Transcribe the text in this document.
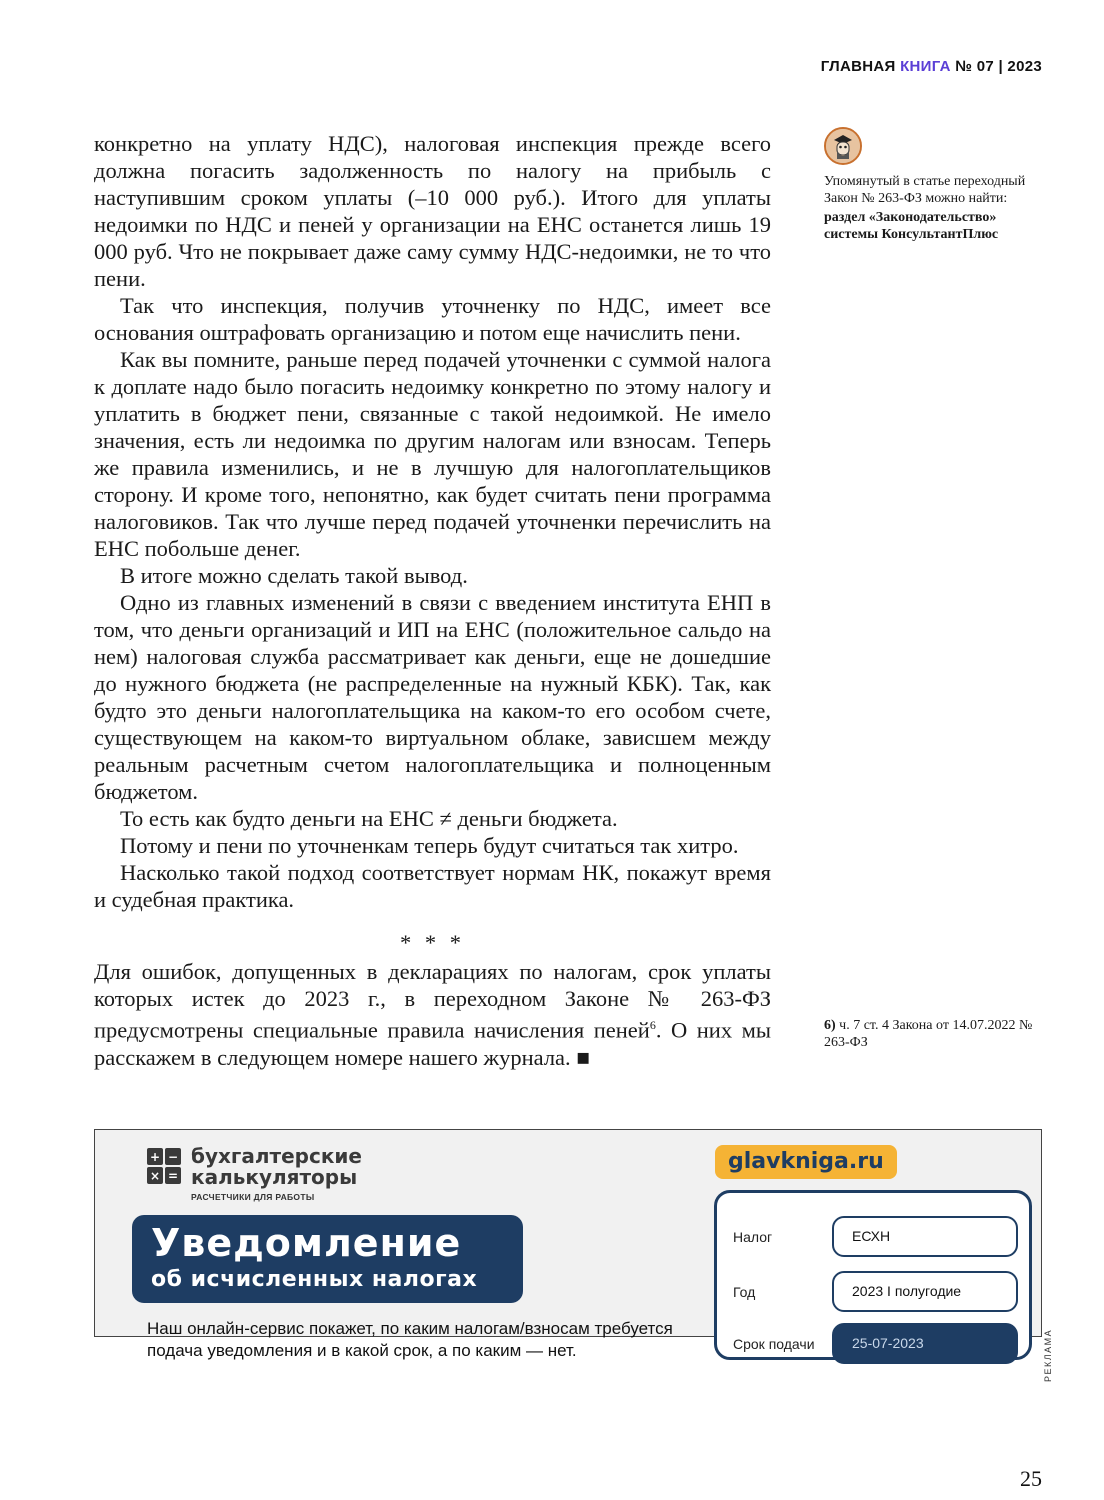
ГЛАВНАЯ КНИГА № 07 | 2023

конкретно на уплату НДС), налоговая инспекция прежде всего должна погасить задолженность по налогу на прибыль с наступившим сроком уплаты (–10 000 руб.). Итого для уплаты недоимки по НДС и пеней у организации на ЕНС останется лишь 19 000 руб. Что не покрывает даже саму сумму НДС-недоимки, не то что пени.

Так что инспекция, получив уточненку по НДС, имеет все основания оштрафовать организацию и потом еще начислить пени.

Как вы помните, раньше перед подачей уточненки с суммой налога к доплате надо было погасить недоимку конкретно по этому налогу и уплатить в бюджет пени, связанные с такой недоимкой. Не имело значения, есть ли недоимка по другим налогам или взносам. Теперь же правила изменились, и не в лучшую для налогоплательщиков сторону. И кроме того, непонятно, как будет считать пени программа налоговиков. Так что лучше перед подачей уточненки перечислить на ЕНС побольше денег.

В итоге можно сделать такой вывод.

Одно из главных изменений в связи с введением института ЕНП в том, что деньги организаций и ИП на ЕНС (положительное сальдо на нем) налоговая служба рассматривает как деньги, еще не дошедшие до нужного бюджета (не распределенные на нужный КБК). Так, как будто это деньги налогоплательщика на каком-то его особом счете, существующем на каком-то виртуальном облаке, зависшем между реальным расчетным счетом налогоплательщика и полноценным бюджетом.

То есть как будто деньги на ЕНС ≠ деньги бюджета.

Потому и пени по уточненкам теперь будут считаться так хитро.

Насколько такой подход соответствует нормам НК, покажут время и судебная практика.

* * *

Для ошибок, допущенных в декларациях по налогам, срок уплаты которых истек до 2023 г., в переходном Законе № 263-ФЗ предусмотрены специальные правила начисления пеней$^6$. О них мы расскажем в следующем номере нашего журнала. ■

Упомянутый в статье переходный Закон № 263-ФЗ можно найти:
раздел «Законодательство» системы КонсультантПлюс
6) ч. 7 ст. 4 Закона от 14.07.2022 № 263-ФЗ
+ −
× =
бухгалтерские
калькуляторы
РАСЧЕТЧИКИ ДЛЯ РАБОТЫ
Уведомление
об исчисленных налогах
Наш онлайн-сервис покажет, по каким налогам/взносам требуется подача уведомления и в какой срок, а по каким — нет.
glavkniga.ru
Налог	ЕСХН
Год	2023 I полугодие
Срок подачи	25-07-2023	РЕКЛАМА
25
